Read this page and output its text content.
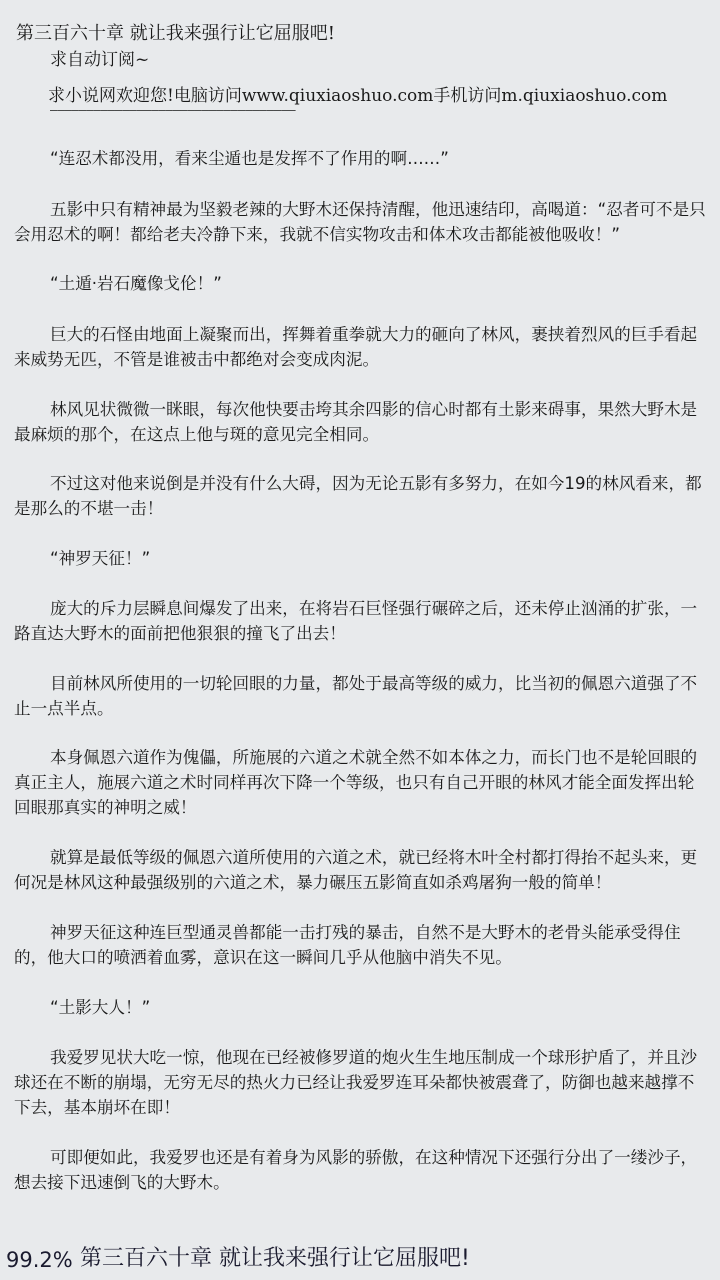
第三百六十章 就让我来强行让它屈服吧!
求自动订阅~
求小说网欢迎您!电脑访问www.qiuxiaoshuo.com手机访问m.qiuxiaoshuo.com
——————————————————————————————————

“连忍术都没用，看来尘遁也是发挥不了作用的啊……”

五影中只有精神最为坚毅老辣的大野木还保持清醒，他迅速结印，高喝道：“忍者可不是只会用忍术的啊！都给老夫冷静下来，我就不信实物攻击和体术攻击都能被他吸收！”

“土遁·岩石魔像戈伦！”

巨大的石怪由地面上凝聚而出，挥舞着重拳就大力的砸向了林风，裹挟着烈风的巨手看起来威势无匹，不管是谁被击中都绝对会变成肉泥。

林风见状微微一眯眼，每次他快要击垮其余四影的信心时都有土影来碍事，果然大野木是最麻烦的那个，在这点上他与斑的意见完全相同。

不过这对他来说倒是并没有什么大碍，因为无论五影有多努力，在如今19的林风看来，都是那么的不堪一击！

“神罗天征！”

庞大的斥力层瞬息间爆发了出来，在将岩石巨怪强行碾碎之后，还未停止汹涌的扩张，一路直达大野木的面前把他狠狠的撞飞了出去！

目前林风所使用的一切轮回眼的力量，都处于最高等级的威力，比当初的佩恩六道强了不止一点半点。

本身佩恩六道作为傀儡，所施展的六道之术就全然不如本体之力，而长门也不是轮回眼的真正主人，施展六道之术时同样再次下降一个等级，也只有自己开眼的林风才能全面发挥出轮回眼那真实的神明之威！

就算是最低等级的佩恩六道所使用的六道之术，就已经将木叶全村都打得抬不起头来，更何况是林风这种最强级别的六道之术，暴力碾压五影简直如杀鸡屠狗一般的简单！

神罗天征这种连巨型通灵兽都能一击打残的暴击，自然不是大野木的老骨头能承受得住的，他大口的喷洒着血雾，意识在这一瞬间几乎从他脑中消失不见。

“土影大人！”

我爱罗见状大吃一惊，他现在已经被修罗道的炮火生生地压制成一个球形护盾了，并且沙球还在不断的崩塌，无穷无尽的热火力已经让我爱罗连耳朵都快被震聋了，防御也越来越撑不下去，基本崩坏在即！

可即便如此，我爱罗也还是有着身为风影的骄傲，在这种情况下还强行分出了一缕沙子，想去接下迅速倒飞的大野木。

99.2% 第三百六十章 就让我来强行让它屈服吧!
